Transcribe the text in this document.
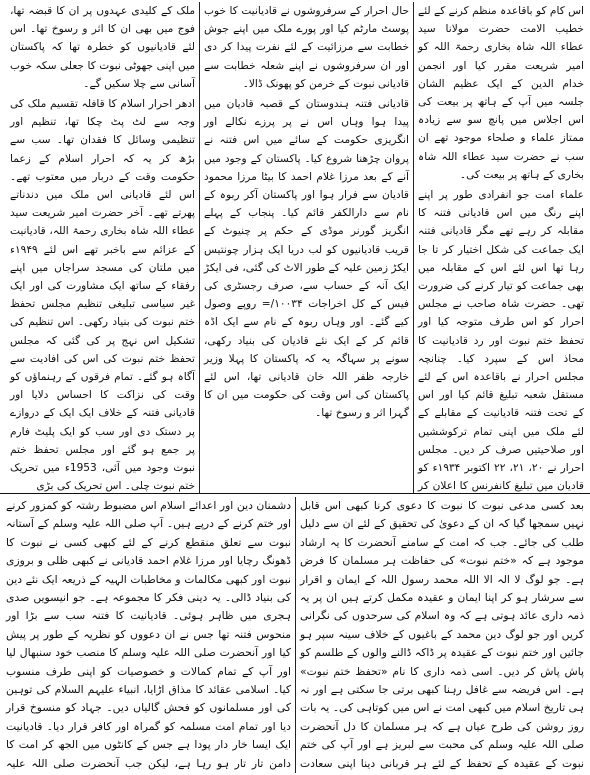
اس کام کو باقاعدہ منظم کرنے کے لئے خطیب الامت حضرت مولانا سید عطاء اللہ شاہ بخاری رحمۃ اللہ کو امیر شریعت مقرر کیا اور انجمن خدام الدین کے ایک عظیم الشان جلسہ میں آپ کے ہاتھ پر بیعت کی اس اجلاس میں پانچ سو سے زیادہ ممتاز علماء و صلحاء موجود تھے ان سب نے حضرت سید عطاء اللہ شاہ بخاری کے ہاتھ پر بیعت کی۔

علماء امت جو انفرادی طور پر اپنے اپنے رنگ میں اس قادیانی فتنہ کا مقابلہ کر رہے تھے مگر قادیانی فتنہ ایک جماعت کی شکل اختیار کر تا جا رہا تھا اس لئے اس کے مقابلہ میں بھی جماعت کو تیار کرنے کی ضرورت تھی۔ حضرت شاہ صاحب نے مجلس احرار کو اس طرف متوجہ کیا اور تحفظ ختم نبوت اور رد قادیانیت کا محاذ اس کے سپرد کیا۔ چنانچہ مجلس احرار نے باقاعدہ اس کے لئے مستقل شعبہ تبلیغ قائم کیا اور اس کے تحت فتنہ قادیانیت کے مقابلے کے لئے ملک میں اپنی تمام ترکوششیں اور صلاحیتیں صرف کر دیں۔ مجلس احرار نے ۲۰، ۲۱، ۲۲ اکتوبر ۱۹۳۴ء کو قادیان میں تبلیغ کانفرنس کا اعلان کر

حال احرار کے سرفروشوں نے قادیانیت کا خوب پوسٹ مارٹم کیا اور پورے ملک میں اپنے جوش خطابت سے مرزائیت کے لئے نفرت پیدا کر دی اور ان سرفروشوں نے اپنے شعلہ خطابت سے قادیانی نبوت کے خرمن کو پھونک ڈالا۔

قادیانی فتنہ ہندوستان کے قصبہ قادیان میں پیدا ہوا وہاں اس نے پر پرزے نکالے اور انگریزی حکومت کے سائے میں اس فتنہ نے پروان چڑھنا شروع کیا۔ پاکستان کے وجود میں آنے کے بعد مرزا غلام احمد کا بیٹا مرزا محمود قادیان سے فرار ہوا اور پاکستان آکر ربوہ کے نام سے دارالکفر قائم کیا۔ پنجاب کے پہلے انگریز گورنر موڈی کے حکم پر چنیوٹ کے قریب قادیانیوں کو لب دریا ایک ہزار چونتیس ایکڑ زمین علیہ کے طور الاٹ کی گئی، فی ایکڑ ایک آنہ کے حساب سے، صرف رجسٹری کی فیس کے کل اخراجات ۱۰۰۳۴/= روپے وصول کیے گئے۔ اور وہاں ربوہ کے نام سے ایک اڈہ قائم کر کے ایک نئے قادیان کی بنیاد رکھی، سونے پر سہاگہ یہ کہ پاکستان کا پہلا وزیر خارجہ ظفر اللہ خان قادیانی تھا، اس لئے پاکستان کی اس وقت کی حکومت میں ان کا گہرا اثر و رسوخ تھا۔

ملک کے کلیدی عہدوں پر ان کا قبضہ تھا، فوج میں بھی ان کا اثر و رسوخ تھا۔ اس لئے قادیانیوں کو خطرہ تھا کہ پاکستان میں اپنی جھوٹی نبوت کا جعلی سکہ خوب آسانی سے چلا سکیں گے۔

ادھر احرار اسلام کا قافلہ تقسیم ملک کی وجہ سے لٹ پٹ چکا تھا، تنظیم اور تنظیمی وسائل کا فقدان تھا۔ سب سے بڑھ کر یہ کہ احرار اسلام کے زعما حکومت وقت کے دربار میں معتوب تھے۔ اس لئے قادیانی اس ملک میں دندناتے پھرتے تھے۔ آخر حضرت امیر شریعت سید عطاء اللہ شاہ بخاری رحمۃ اللہ، قادیانیت کے عزائم سے باخبر تھے اس لئے ۱۹۴۹ء میں ملتان کی مسجد سراجاں میں اپنے رفقاء کے ساتھ ایک مشاورت کی اور ایک غیر سیاسی تبلیغی تنظیم مجلس تحفظ ختم نبوت کی بنیاد رکھی۔ اس تنظیم کی تشکیل اس نہج پر کی گئی کہ مجلس تحفظ ختم نبوت کی اس کی افادیت سے آگاہ ہو گئے۔ تمام فرقوں کے رہنماؤں کو وقت کی نزاکت کا احساس دلایا اور قادیانی فتنہ کے خلاف ایک ایک کے دروازے پر دستک دی اور سب کو ایک پلیٹ فارم پر جمع ہو گئے اور مجلس تحفظ ختم نبوت وجود میں آئی، 1953ء میں تحریک ختم نبوت چلی۔ اس تحریک کی بڑی

بعد کسی مدعی نبوت کا نبوت کا دعوی کرنا کبھی اس قابل نہیں سمجھا گیا کہ ان کے دعویٰ کی تحقیق کے لئے ان سے دلیل طلب کی جائے۔ جب کہ امت کے سامنے آنحضرت کا یہ ارشاد موجود ہے کہ «ختم نبوت» کی حفاظت ہر مسلمان کا فرض ہے۔ جو لوگ لا الہ الا اللہ محمد رسول اللہ کے ایمان و اقرار سے سرشار ہو کر اپنا ایمان و عقیدہ مکمل کرتے ہیں ان پر یہ ذمہ داری عائد ہوتی ہے کہ وہ اسلام کی سرحدوں کی نگرانی کریں اور جو لوگ دین محمد کے باغیوں کے خلاف سینہ سپر ہو جائیں اور ختم نبوت کے عقیدہ پر ڈاکہ ڈالنے والوں کے طلسم کو پاش پاش کر دیں۔ اسی ذمہ داری کا نام «تحفظ ختم نبوت» ہے۔ اس فریضہ سے غافل رہنا کبھی برتی جا سکتی ہے اور نہ ہی تاریخ اسلام میں کبھی امت نے اس میں کوتاہی کی۔ یہ بات روز روشن کی طرح عیاں ہے کہ ہر مسلمان کا دل آنحضرت صلی اللہ علیہ وسلم کی محبت سے لبریز ہے اور آپ کی ختم نبوت کے عقیدہ کے تحفظ کے لئے ہر قربانی دینا اپنی سعادت

دشمنان دین اور اعدائے اسلام اس مضبوط رشتہ کو کمزور کرنے اور ختم کرنے کے درپے ہیں۔ آپ صلی اللہ علیہ وسلم کے آستانہ نبوت سے تعلق منقطع کرنے کے لئے کبھی کسی نے نبوت کا ڈھونگ رچایا اور مرزا غلام احمد قادیانی نے کبھی ظلی و بروزی نبوت اور کبھی مکالمات و مخاطبات الہیہ کے ذریعہ ایک نئے دین کی بنیاد ڈالی۔ یہ دینی فکر کا مجموعہ ہے۔ جو انیسویں صدی ہجری میں ظاہر ہوئی۔ قادیانیت کا فتنہ سب سے بڑا اور منحوس فتنہ تھا جس نے ان دعووں کو نظریہ کے طور پر پیش کیا اور آنحضرت صلی اللہ علیہ وسلم کا منصب خود سنبھال لیا اور آپ کے تمام کمالات و خصوصیات کو اپنی طرف منسوب کیا۔ اسلامی عقائد کا مذاق اڑایا، انبیاء علیہم السلام کی توہین کی اور مسلمانوں کو فحش گالیاں دیں۔ جہاد کو منسوخ قرار دیا اور تمام امت مسلمہ کو گمراہ اور کافر قرار دیا۔ قادیانیت ایک ایسا خار دار پودا ہے جس کے کانٹوں میں الجھ کر امت کا دامن تار تار ہو رہا ہے، لیکن جب آنحضرت صلی اللہ علیہ
